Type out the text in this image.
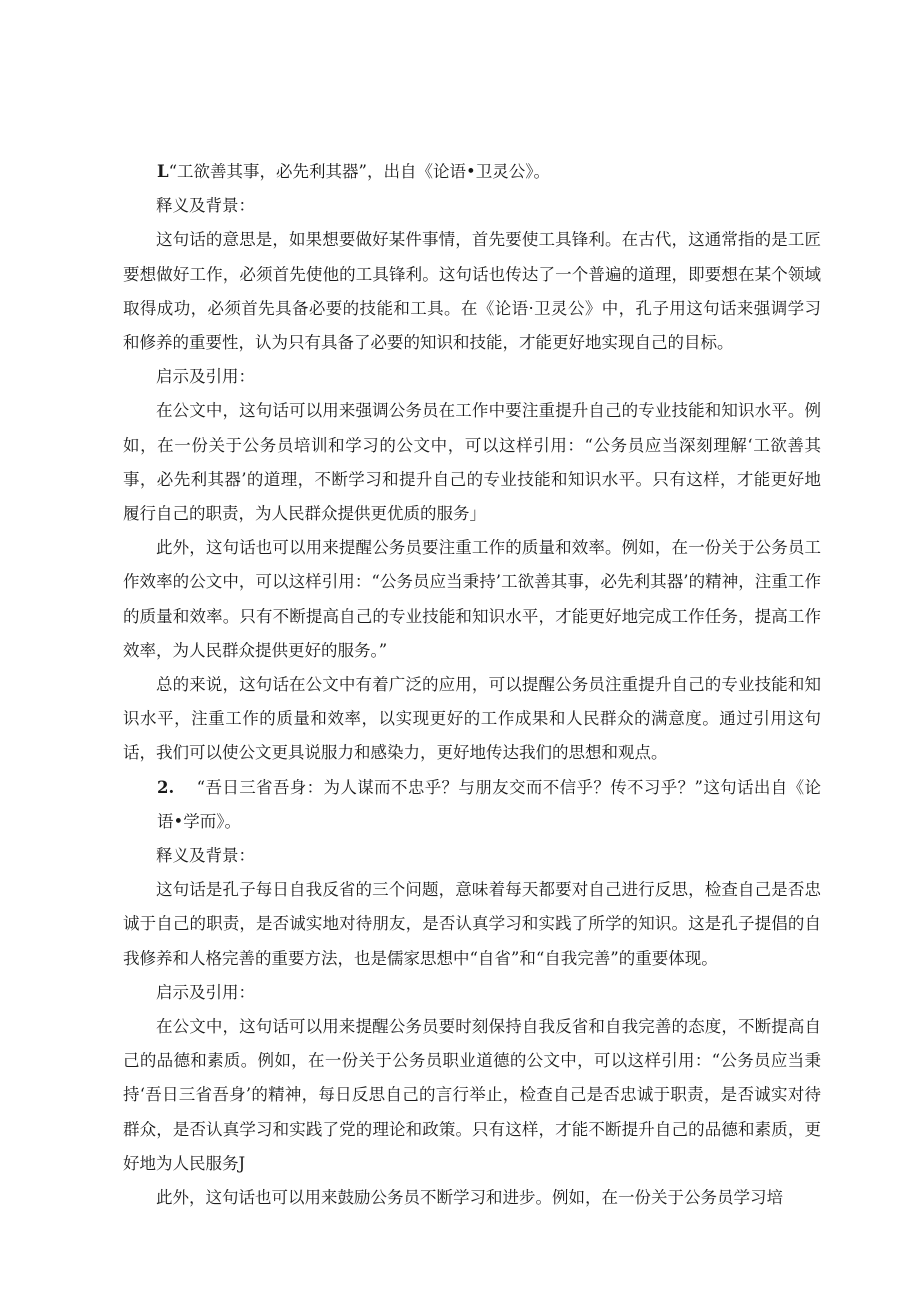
L“工欲善其事，必先利其器”，出自《论语•卫灵公》。

释义及背景：

这句话的意思是，如果想要做好某件事情，首先要使工具锋利。在古代，这通常指的是工匠要想做好工作，必须首先使他的工具锋利。这句话也传达了一个普遍的道理，即要想在某个领域取得成功，必须首先具备必要的技能和工具。在《论语·卫灵公》中，孔子用这句话来强调学习和修养的重要性，认为只有具备了必要的知识和技能，才能更好地实现自己的目标。

启示及引用：

在公文中，这句话可以用来强调公务员在工作中要注重提升自己的专业技能和知识水平。例如，在一份关于公务员培训和学习的公文中，可以这样引用：“公务员应当深刻理解‘工欲善其事，必先利其器’的道理，不断学习和提升自己的专业技能和知识水平。只有这样，才能更好地履行自己的职责，为人民群众提供更优质的服务」

此外，这句话也可以用来提醒公务员要注重工作的质量和效率。例如，在一份关于公务员工作效率的公文中，可以这样引用：“公务员应当秉持’工欲善其事，必先利其器’的精神，注重工作的质量和效率。只有不断提高自己的专业技能和知识水平，才能更好地完成工作任务，提高工作效率，为人民群众提供更好的服务。”

总的来说，这句话在公文中有着广泛的应用，可以提醒公务员注重提升自己的专业技能和知识水平，注重工作的质量和效率，以实现更好的工作成果和人民群众的满意度。通过引用这句话，我们可以使公文更具说服力和感染力，更好地传达我们的思想和观点。

2. “吾日三省吾身：为人谋而不忠乎？与朋友交而不信乎？传不习乎？”这句话出自《论语•学而》。

释义及背景：

这句话是孔子每日自我反省的三个问题，意味着每天都要对自己进行反思，检查自己是否忠诚于自己的职责，是否诚实地对待朋友，是否认真学习和实践了所学的知识。这是孔子提倡的自我修养和人格完善的重要方法，也是儒家思想中“自省”和“自我完善”的重要体现。

启示及引用：

在公文中，这句话可以用来提醒公务员要时刻保持自我反省和自我完善的态度，不断提高自己的品德和素质。例如，在一份关于公务员职业道德的公文中，可以这样引用：“公务员应当秉持‘吾日三省吾身’的精神，每日反思自己的言行举止，检查自己是否忠诚于职责，是否诚实对待群众，是否认真学习和实践了党的理论和政策。只有这样，才能不断提升自己的品德和素质，更好地为人民服务J

此外，这句话也可以用来鼓励公务员不断学习和进步。例如，在一份关于公务员学习培
